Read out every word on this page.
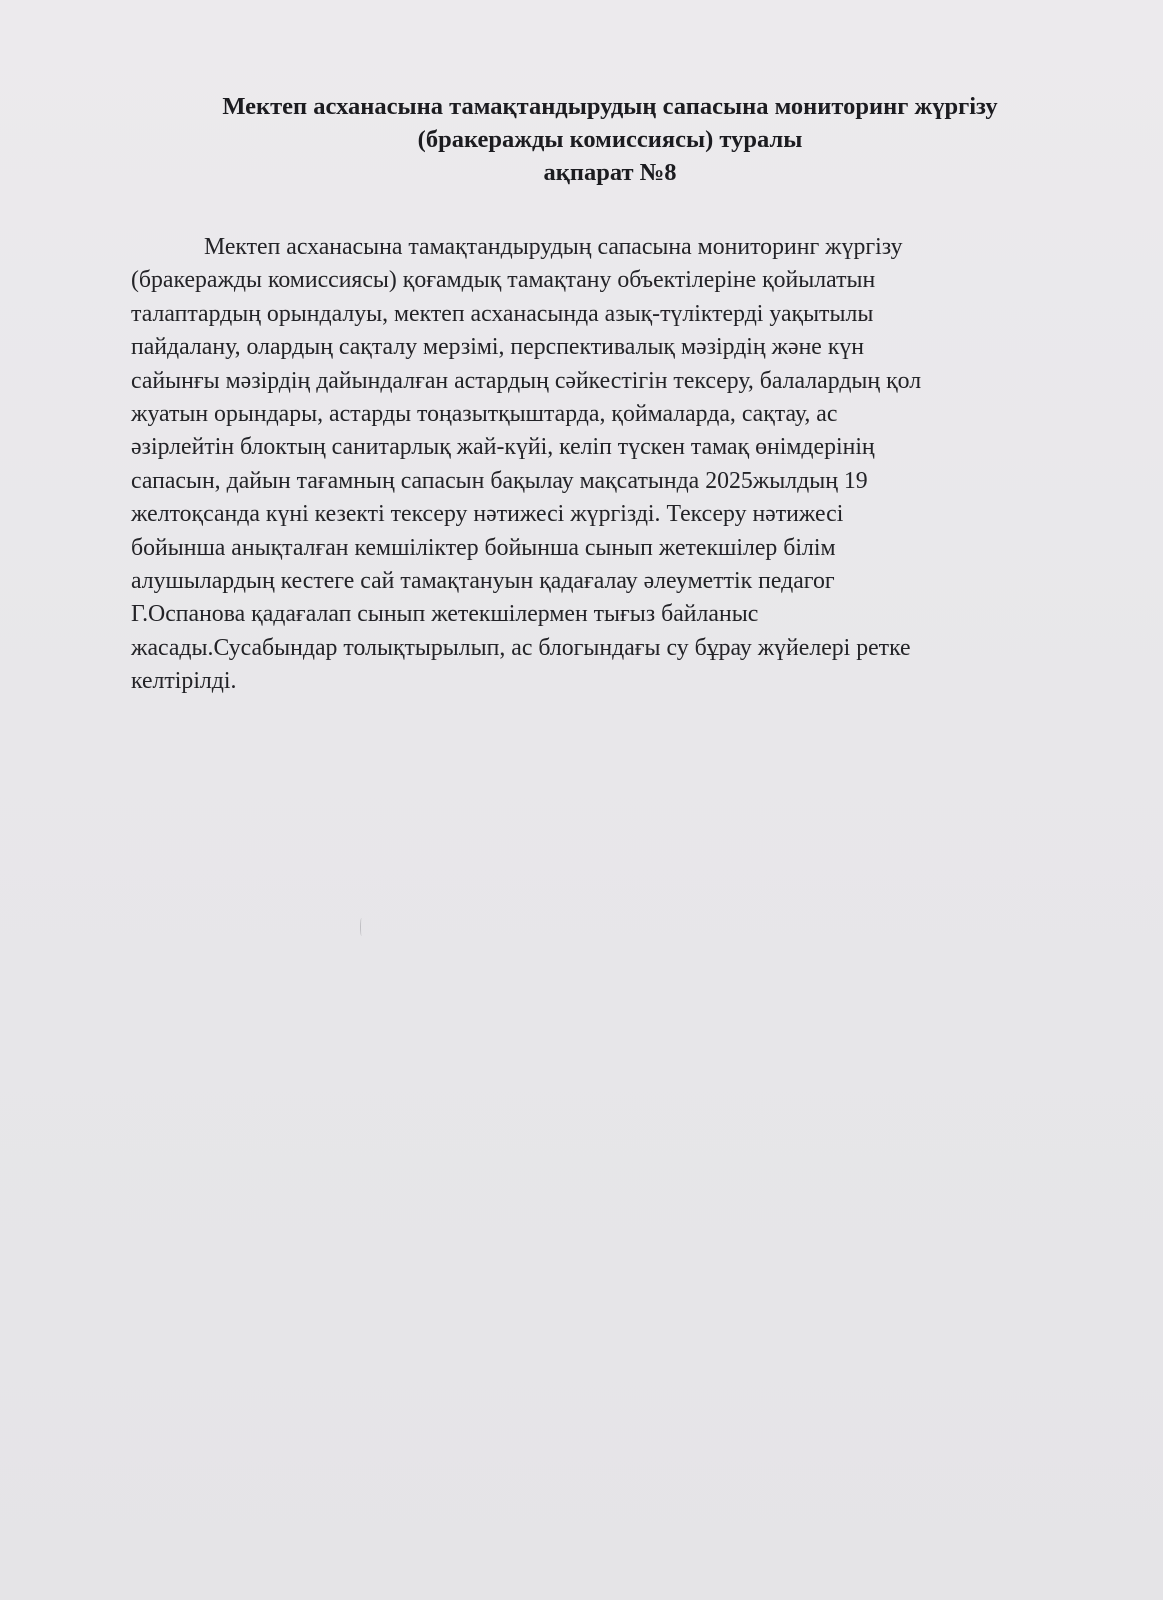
Мектеп асханасына тамақтандырудың сапасына мониторинг жүргізу
(бракеражды комиссиясы) туралы
ақпарат №8
Мектеп асханасына тамақтандырудың сапасына мониторинг жүргізу
(бракеражды комиссиясы) қоғамдық тамақтану объектілеріне қойылатын
талаптардың орындалуы, мектеп асханасында азық-түліктерді уақытылы
пайдалану, олардың сақталу мерзімі, перспективалық мәзірдің және күн
сайынғы мәзірдің дайындалған астардың сәйкестігін тексеру, балалардың қол
жуатын орындары, астарды тоңазытқыштарда, қоймаларда, сақтау, ас
әзірлейтін блоктың санитарлық жай-күйі, келіп түскен тамақ өнімдерінің
сапасын, дайын тағамның сапасын бақылау мақсатында 2025жылдың 19
желтоқсанда күні кезекті тексеру нәтижесі жүргізді. Тексеру нәтижесі
бойынша анықталған кемшіліктер бойынша сынып жетекшілер білім
алушылардың кестеге сай тамақтануын қадағалау әлеуметтік педагог
Г.Оспанова қадағалап сынып жетекшілермен тығыз байланыс
жасады.Сусабындар толықтырылып, ас блогындағы су бұрау жүйелері ретке
келтірілді.
